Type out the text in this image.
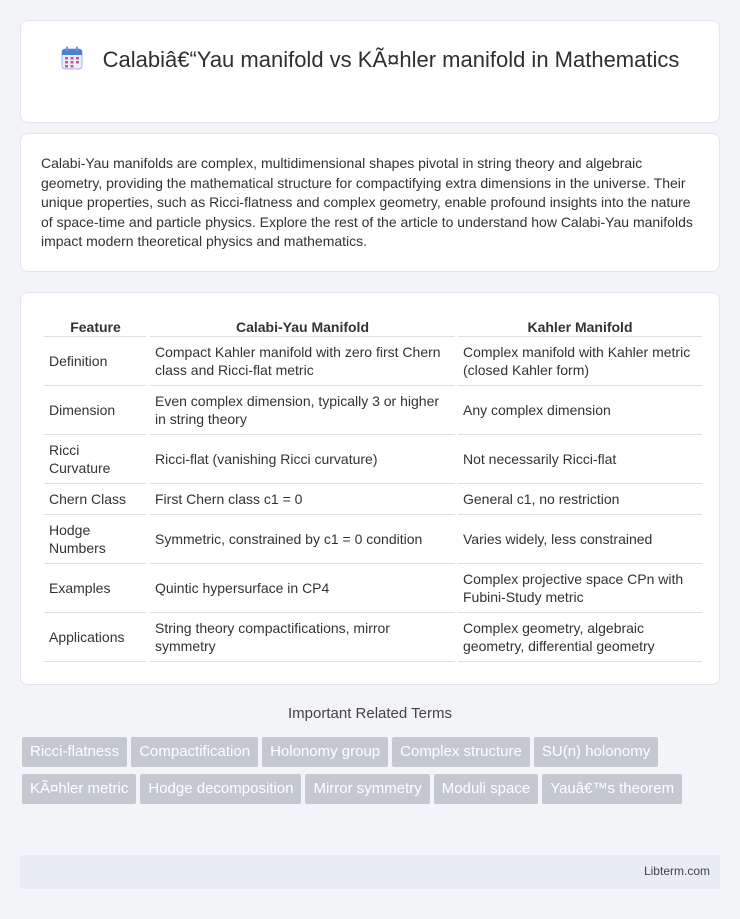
Calabiâ€“Yau manifold vs KÃ¤hler manifold in Mathematics

Calabi-Yau manifolds are complex, multidimensional shapes pivotal in string theory and algebraic geometry, providing the mathematical structure for compactifying extra dimensions in the universe. Their unique properties, such as Ricci-flatness and complex geometry, enable profound insights into the nature of space-time and particle physics. Explore the rest of the article to understand how Calabi-Yau manifolds impact modern theoretical physics and mathematics.

Feature	Calabi-Yau Manifold	Kahler Manifold
Definition	Compact Kahler manifold with zero first Chern class and Ricci-flat metric	Complex manifold with Kahler metric (closed Kahler form)
Dimension	Even complex dimension, typically 3 or higher in string theory	Any complex dimension
Ricci Curvature	Ricci-flat (vanishing Ricci curvature)	Not necessarily Ricci-flat
Chern Class	First Chern class c1 = 0	General c1, no restriction
Hodge Numbers	Symmetric, constrained by c1 = 0 condition	Varies widely, less constrained
Examples	Quintic hypersurface in CP4	Complex projective space CPn with Fubini-Study metric
Applications	String theory compactifications, mirror symmetry	Complex geometry, algebraic geometry, differential geometry
Important Related Terms
Ricci-flatness	Compactification	Holonomy group	Complex structure	SU(n) holonomy
KÃ¤hler metric	Hodge decomposition	Mirror symmetry	Moduli space	Yauâ€™s theorem
Libterm.com
